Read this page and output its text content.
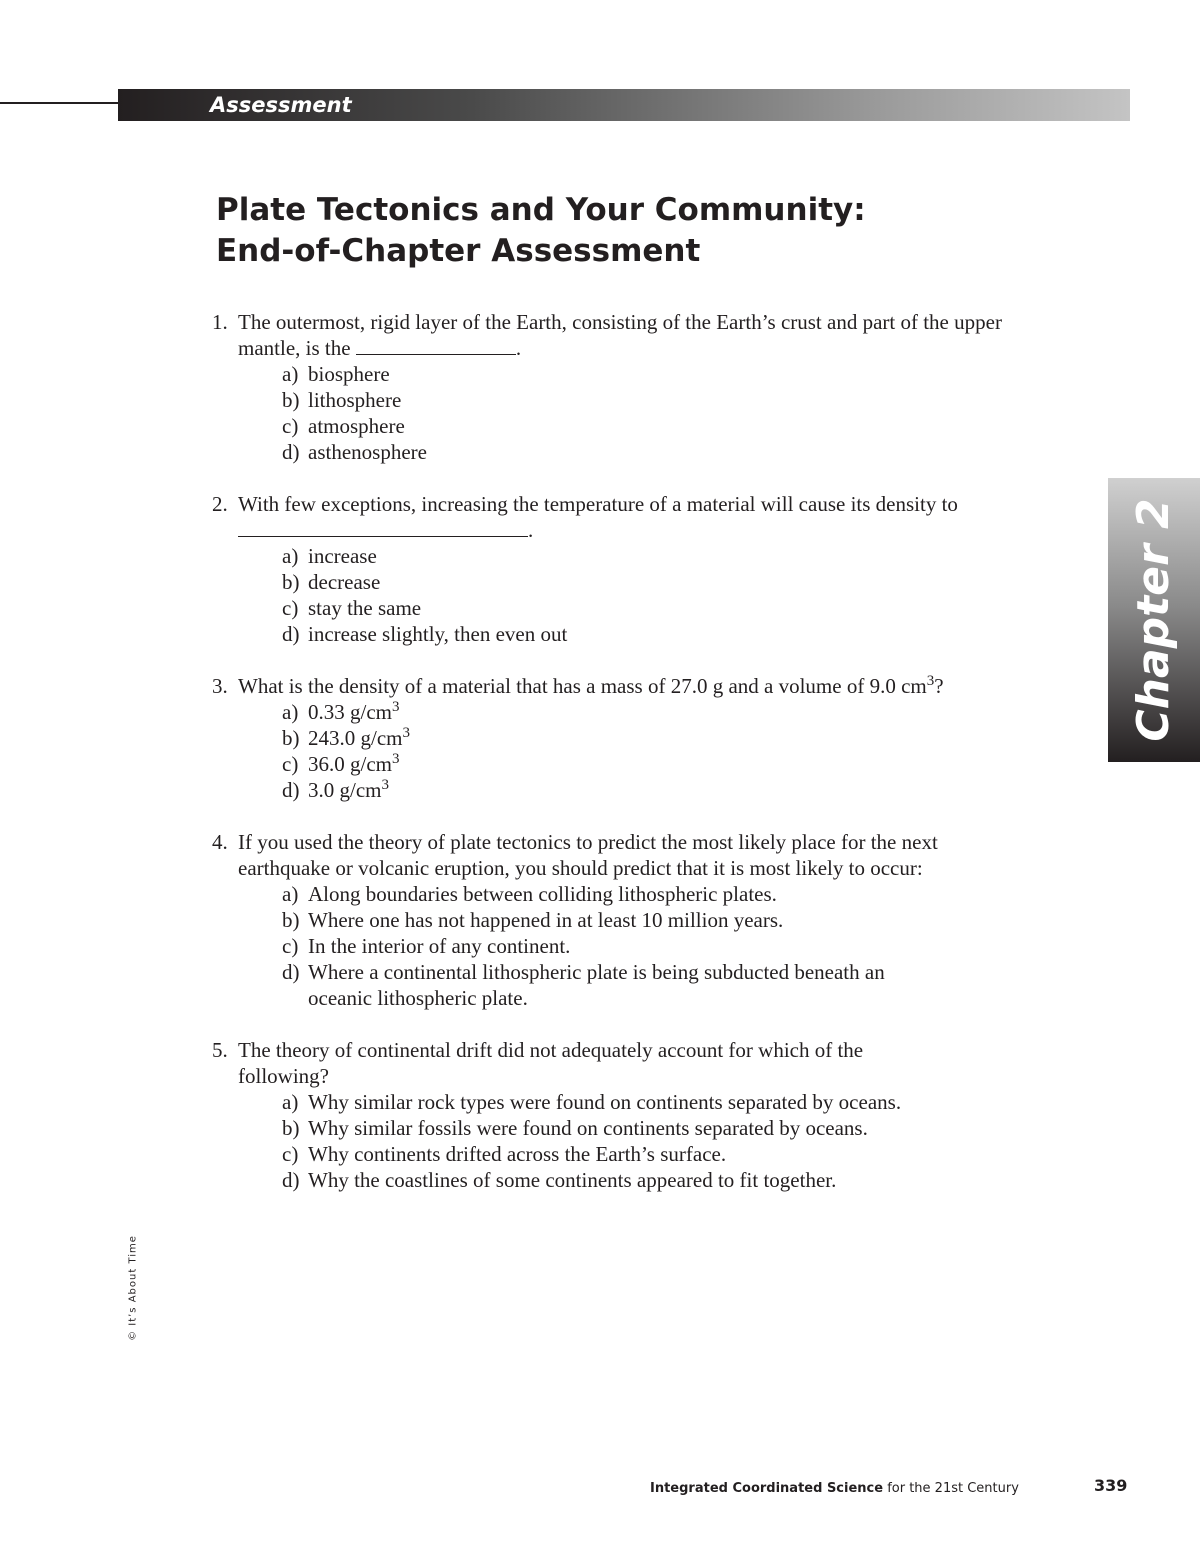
Assessment
Plate Tectonics and Your Community:
End-of-Chapter Assessment
1. The outermost, rigid layer of the Earth, consisting of the Earth’s crust and part of the upper mantle, is the	.
a) biosphere
b) lithosphere
c) atmosphere
d) asthenosphere
2. With few exceptions, increasing the temperature of a material will cause its density to .
a) increase
b) decrease
c) stay the same
d) increase slightly, then even out
3. What is the density of a material that has a mass of 27.0 g and a volume of 9.0 $cm^3$?
a) 0.33 $g/cm^3$
b) 243.0 $g/cm^3$
c) 36.0 $g/cm^3$
d) 3.0 $g/cm^3$
4. If you used the theory of plate tectonics to predict the most likely place for the next earthquake or volcanic eruption, you should predict that it is most likely to occur:
a) Along boundaries between colliding lithospheric plates.
b) Where one has not happened in at least 10 million years.
c) In the interior of any continent.
d) Where a continental lithospheric plate is being subducted beneath an oceanic lithospheric plate.
5. The theory of continental drift did not adequately account for which of the following?
a) Why similar rock types were found on continents separated by oceans.
b) Why similar fossils were found on continents separated by oceans.
c) Why continents drifted across the Earth’s surface.
d) Why the coastlines of some continents appeared to fit together.
Chapter 2
© It’s About Time
Integrated Coordinated Science for the 21st Century	339
